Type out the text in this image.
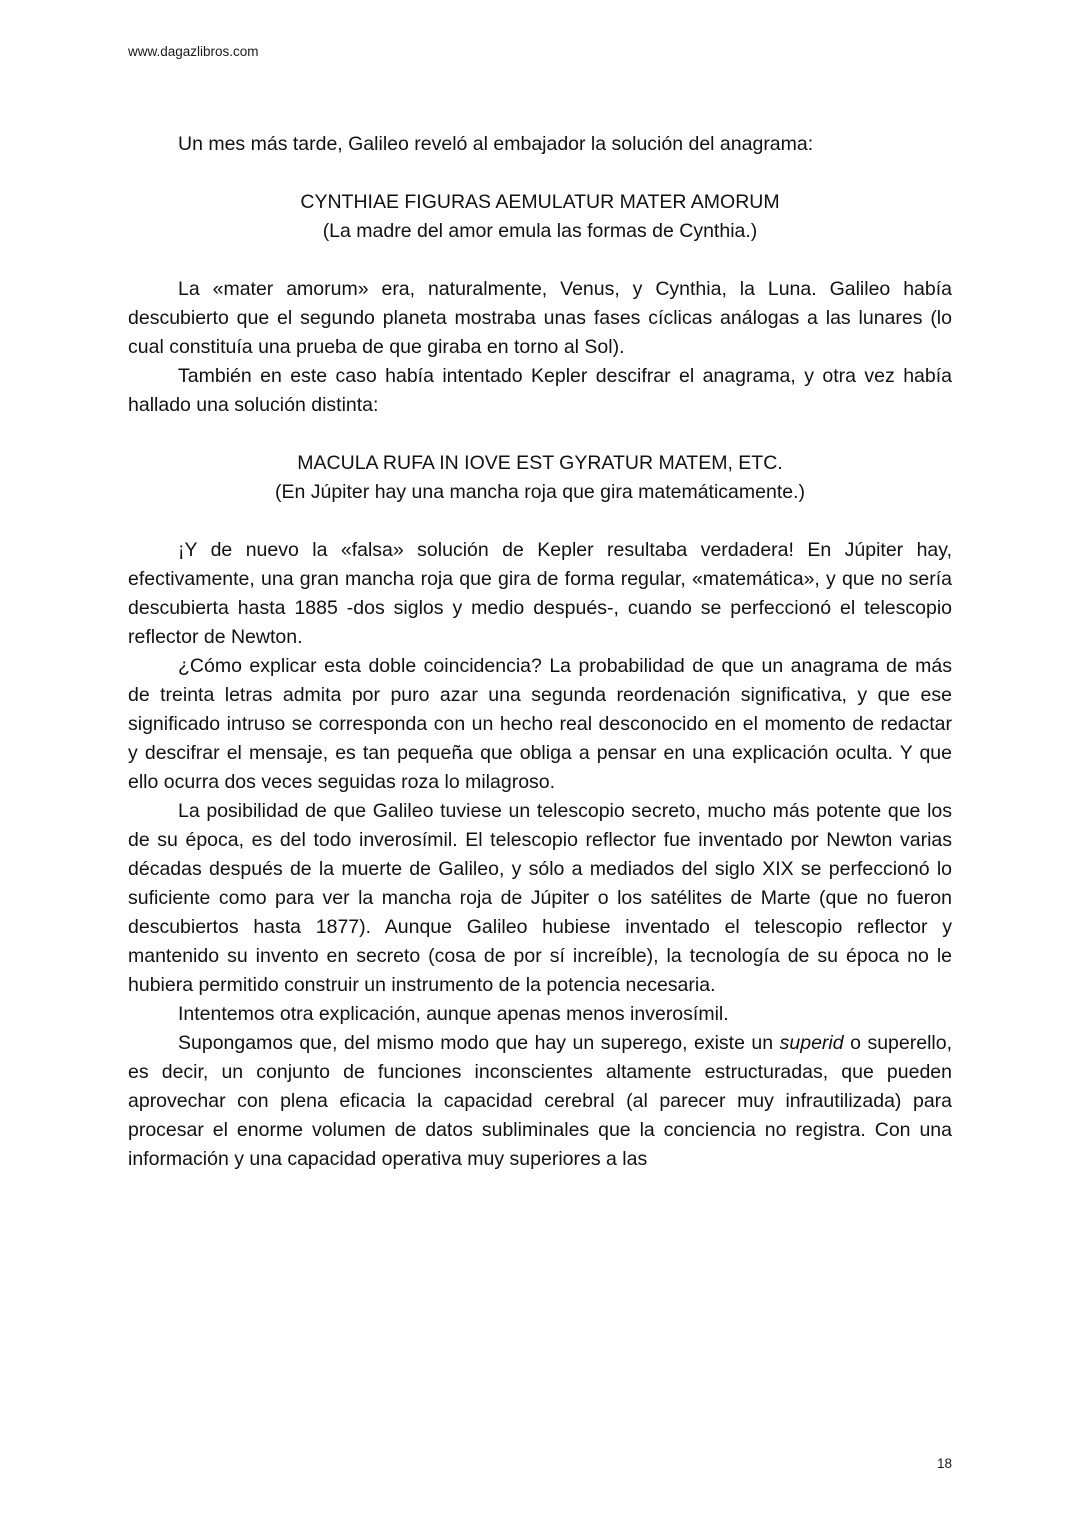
www.dagazlibros.com
Un mes más tarde, Galileo reveló al embajador la solución del anagrama:
CYNTHIAE FIGURAS AEMULATUR MATER AMORUM
(La madre del amor emula las formas de Cynthia.)
La «mater amorum» era, naturalmente, Venus, y Cynthia, la Luna. Galileo había descubierto que el segundo planeta mostraba unas fases cíclicas análogas a las lunares (lo cual constituía una prueba de que giraba en torno al Sol).
También en este caso había intentado Kepler descifrar el anagrama, y otra vez había hallado una solución distinta:
MACULA RUFA IN IOVE EST GYRATUR MATEM, ETC.
(En Júpiter hay una mancha roja que gira matemáticamente.)
¡Y de nuevo la «falsa» solución de Kepler resultaba verdadera! En Júpiter hay, efectivamente, una gran mancha roja que gira de forma regular, «matemática», y que no sería descubierta hasta 1885 -dos siglos y medio después-, cuando se perfeccionó el telescopio reflector de Newton.
¿Cómo explicar esta doble coincidencia? La probabilidad de que un anagrama de más de treinta letras admita por puro azar una segunda reordenación significativa, y que ese significado intruso se corresponda con un hecho real desconocido en el momento de redactar y descifrar el mensaje, es tan pequeña que obliga a pensar en una explicación oculta. Y que ello ocurra dos veces seguidas roza lo milagroso.
La posibilidad de que Galileo tuviese un telescopio secreto, mucho más potente que los de su época, es del todo inverosímil. El telescopio reflector fue inventado por Newton varias décadas después de la muerte de Galileo, y sólo a mediados del siglo XIX se perfeccionó lo suficiente como para ver la mancha roja de Júpiter o los satélites de Marte (que no fueron descubiertos hasta 1877). Aunque Galileo hubiese inventado el telescopio reflector y mantenido su invento en secreto (cosa de por sí increíble), la tecnología de su época no le hubiera permitido construir un instrumento de la potencia necesaria.
Intentemos otra explicación, aunque apenas menos inverosímil.
Supongamos que, del mismo modo que hay un superego, existe un superid o superello, es decir, un conjunto de funciones inconscientes altamente estructuradas, que pueden aprovechar con plena eficacia la capacidad cerebral (al parecer muy infrautilizada) para procesar el enorme volumen de datos subliminales que la conciencia no registra. Con una información y una capacidad operativa muy superiores a las
18
